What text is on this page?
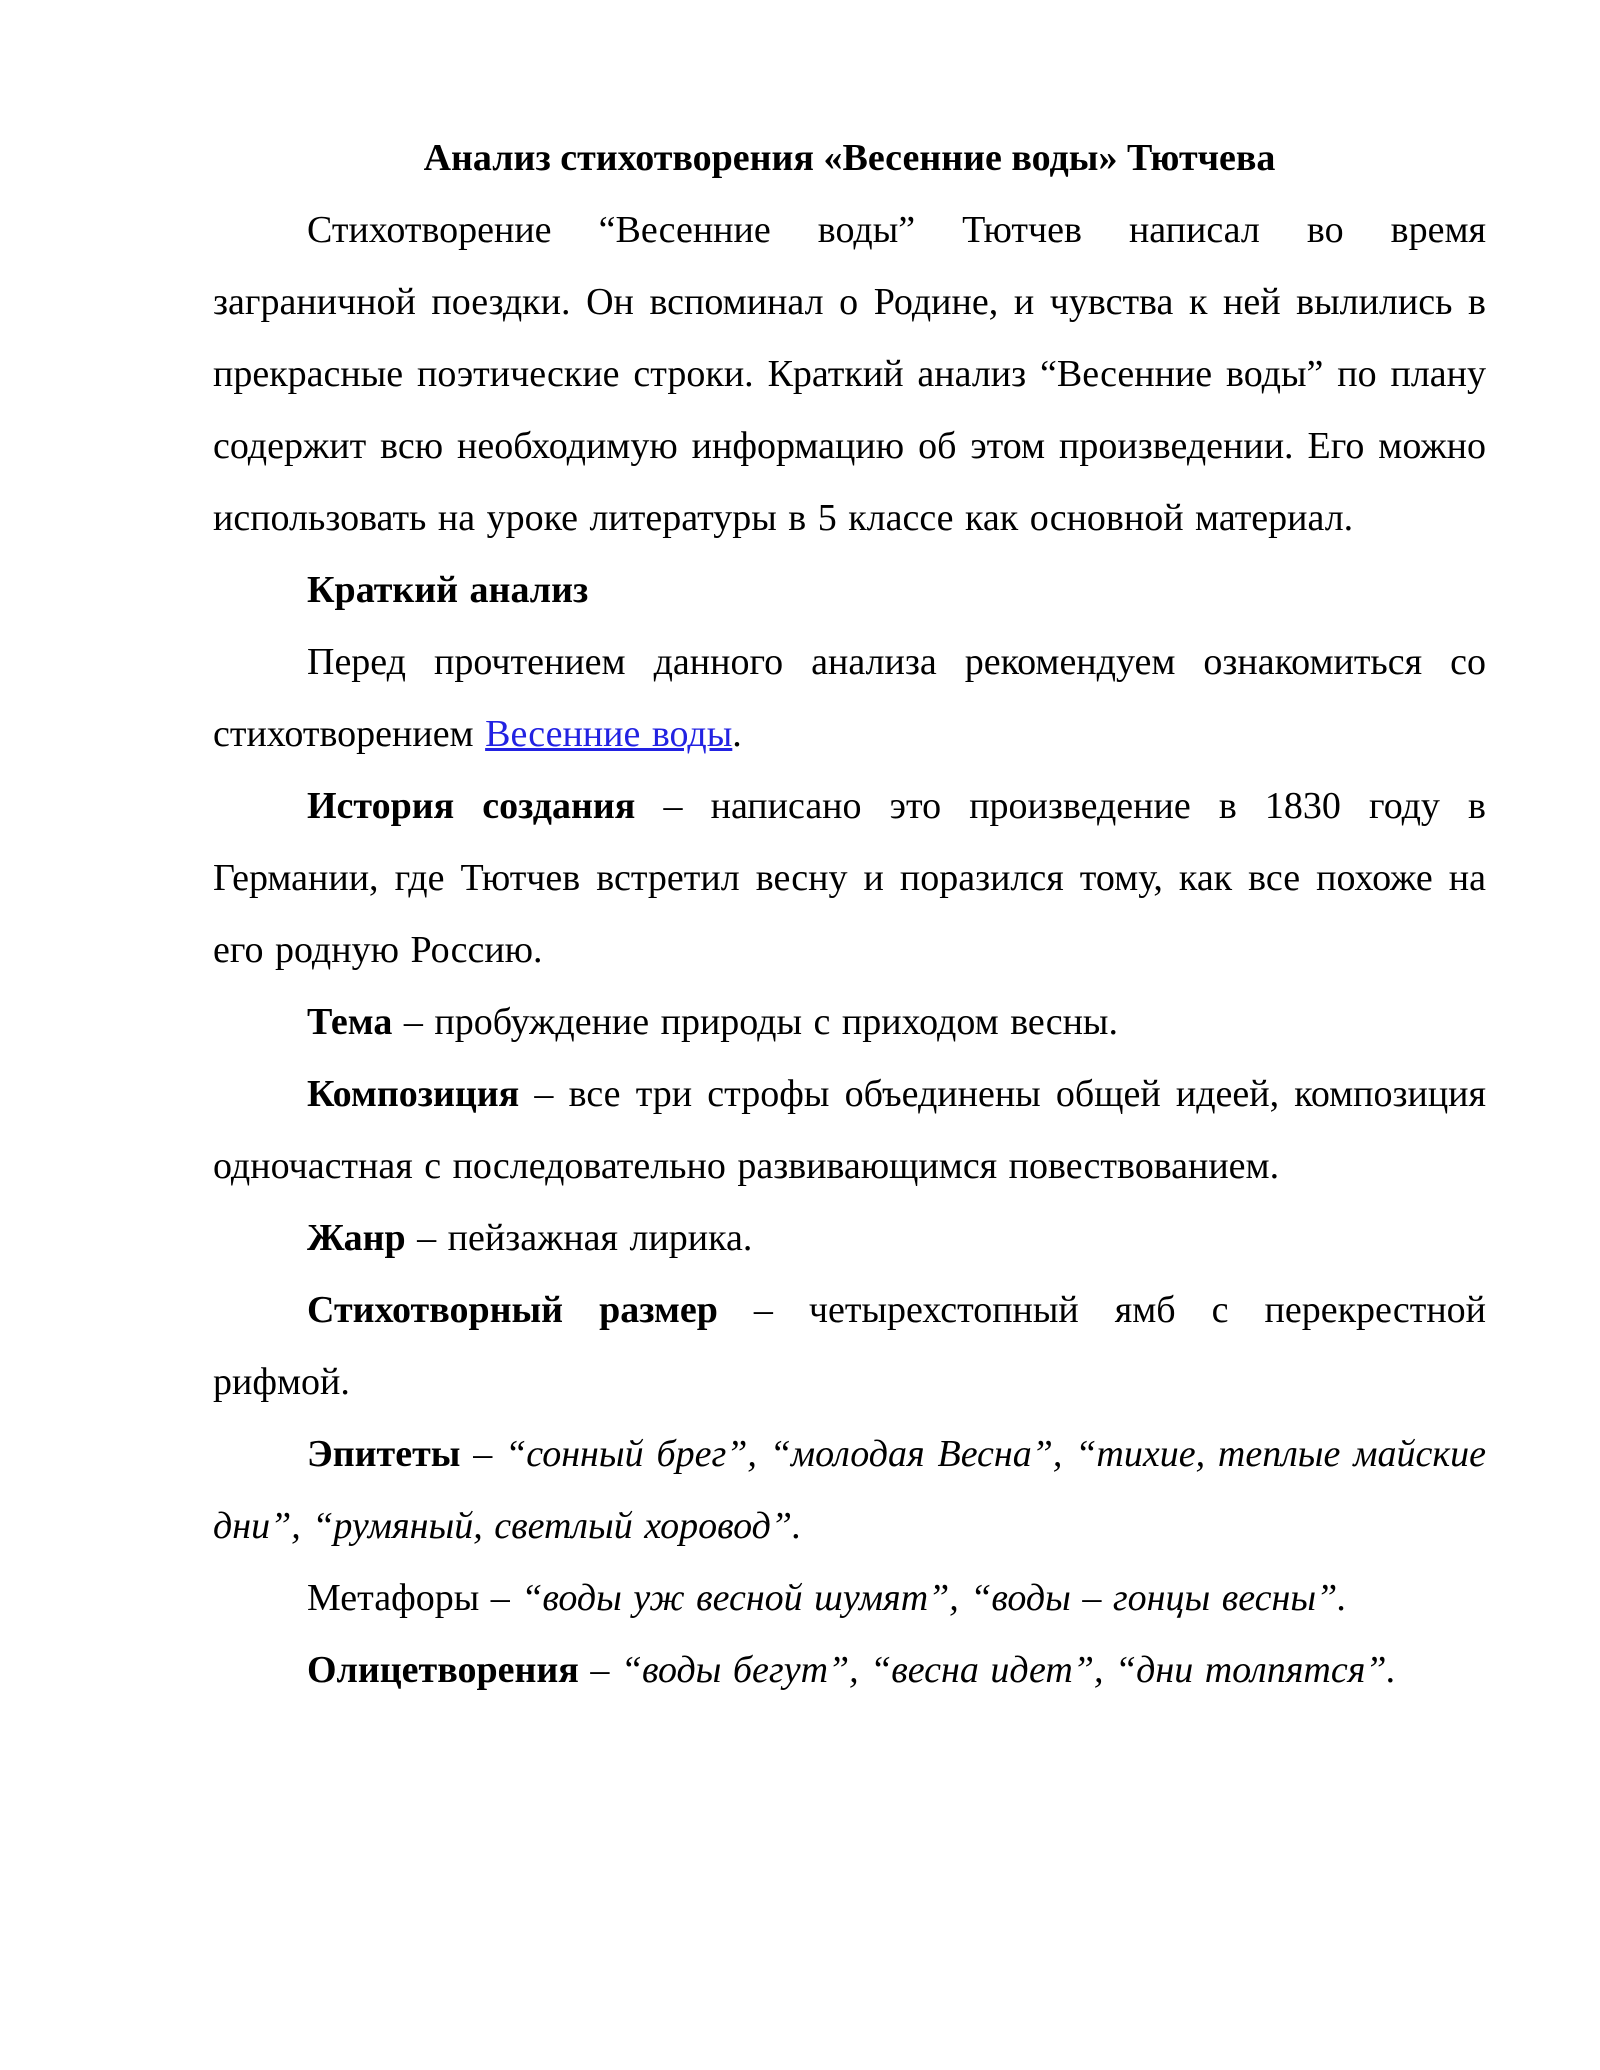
Анализ стихотворения «Весенние воды» Тютчева

Стихотворение “Весенние воды” Тютчев написал во время заграничной поездки. Он вспоминал о Родине, и чувства к ней вылились в прекрасные поэтические строки. Краткий анализ “Весенние воды” по плану содержит всю необходимую информацию об этом произведении. Его можно использовать на уроке литературы в 5 классе как основной материал.

Краткий анализ

Перед прочтением данного анализа рекомендуем ознакомиться со стихотворением Весенние воды.

История создания – написано это произведение в 1830 году в Германии, где Тютчев встретил весну и поразился тому, как все похоже на его родную Россию.

Тема – пробуждение природы с приходом весны.

Композиция – все три строфы объединены общей идеей, композиция одночастная с последовательно развивающимся повествованием.

Жанр – пейзажная лирика.

Стихотворный размер – четырехстопный ямб с перекрестной рифмой.

Эпитеты – “сонный брег”, “молодая Весна”, “тихие, теплые майские дни”, “румяный, светлый хоровод”.

Метафоры – “воды уж весной шумят”, “воды – гонцы весны”.

Олицетворения – “воды бегут”, “весна идет”, “дни толпятся”.
